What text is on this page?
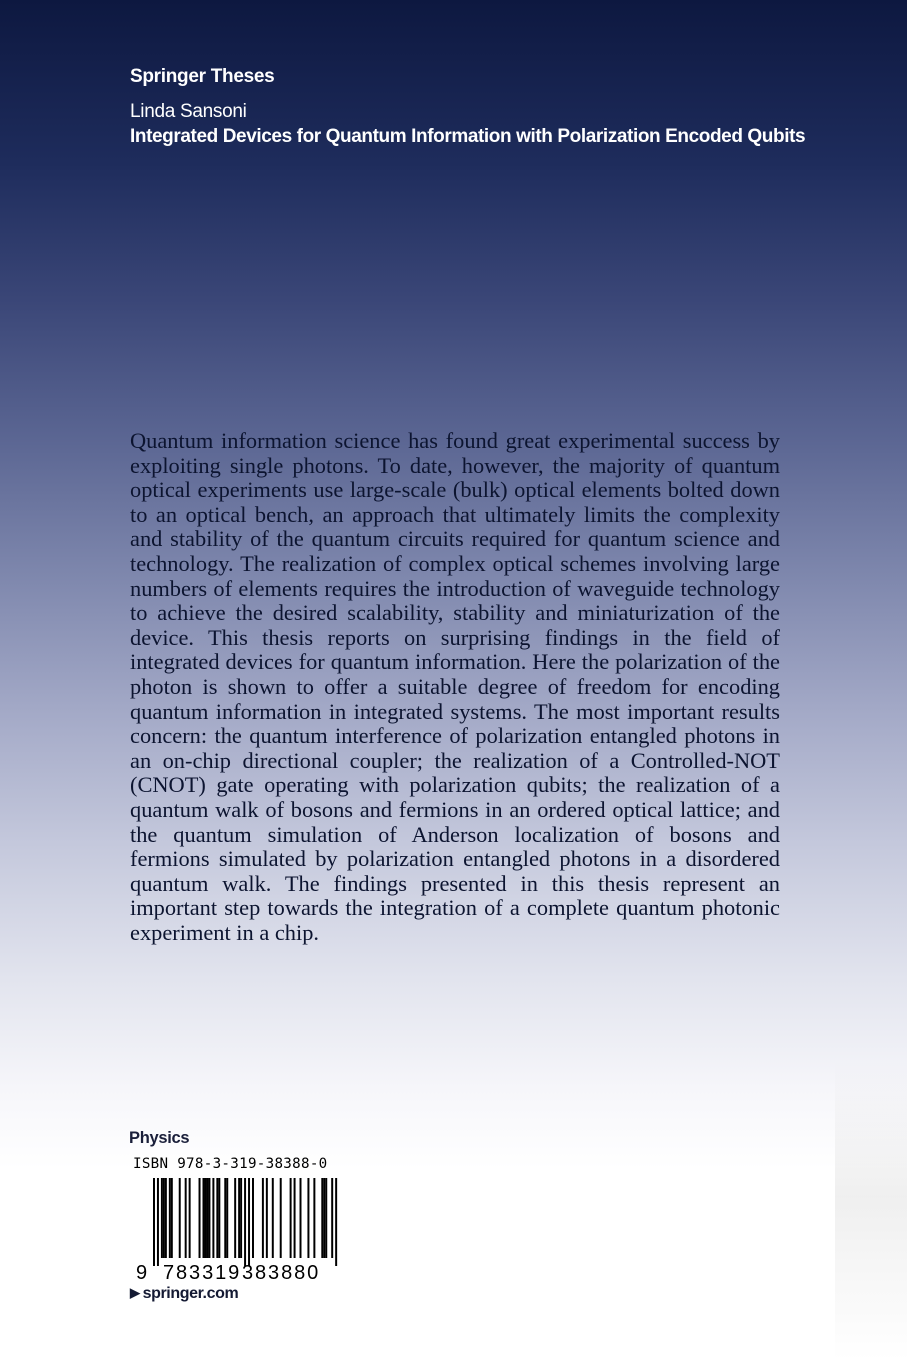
Springer Theses
Linda Sansoni
Integrated Devices for Quantum Information with Polarization Encoded Qubits

Quantum information science has found great experimental success by exploiting single photons. To date, however, the majority of quantum optical experiments use large-scale (bulk) optical elements bolted down to an optical bench, an approach that ultimately limits the complexity and stability of the quantum circuits required for quantum science and technology. The realization of complex optical schemes involving large numbers of elements requires the introduction of waveguide technology to achieve the desired scalability, stability and miniaturization of the device. This thesis reports on surprising findings in the field of integrated devices for quantum information. Here the polarization of the photon is shown to offer a suitable degree of freedom for encoding quantum information in integrated systems. The most important results concern: the quantum interference of polarization entangled photons in an on-chip directional coupler; the realization of a Controlled-NOT (CNOT) gate operating with polarization qubits; the realization of a quantum walk of bosons and fermions in an ordered optical lattice; and the quantum simulation of Anderson localization of bosons and fermions simulated by polarization entangled photons in a disordered quantum walk. The findings presented in this thesis represent an important step towards the integration of a complete quantum photonic experiment in a chip.

Physics
ISBN 978-3-319-38388-0
9 783319 383880
▶ springer.com
